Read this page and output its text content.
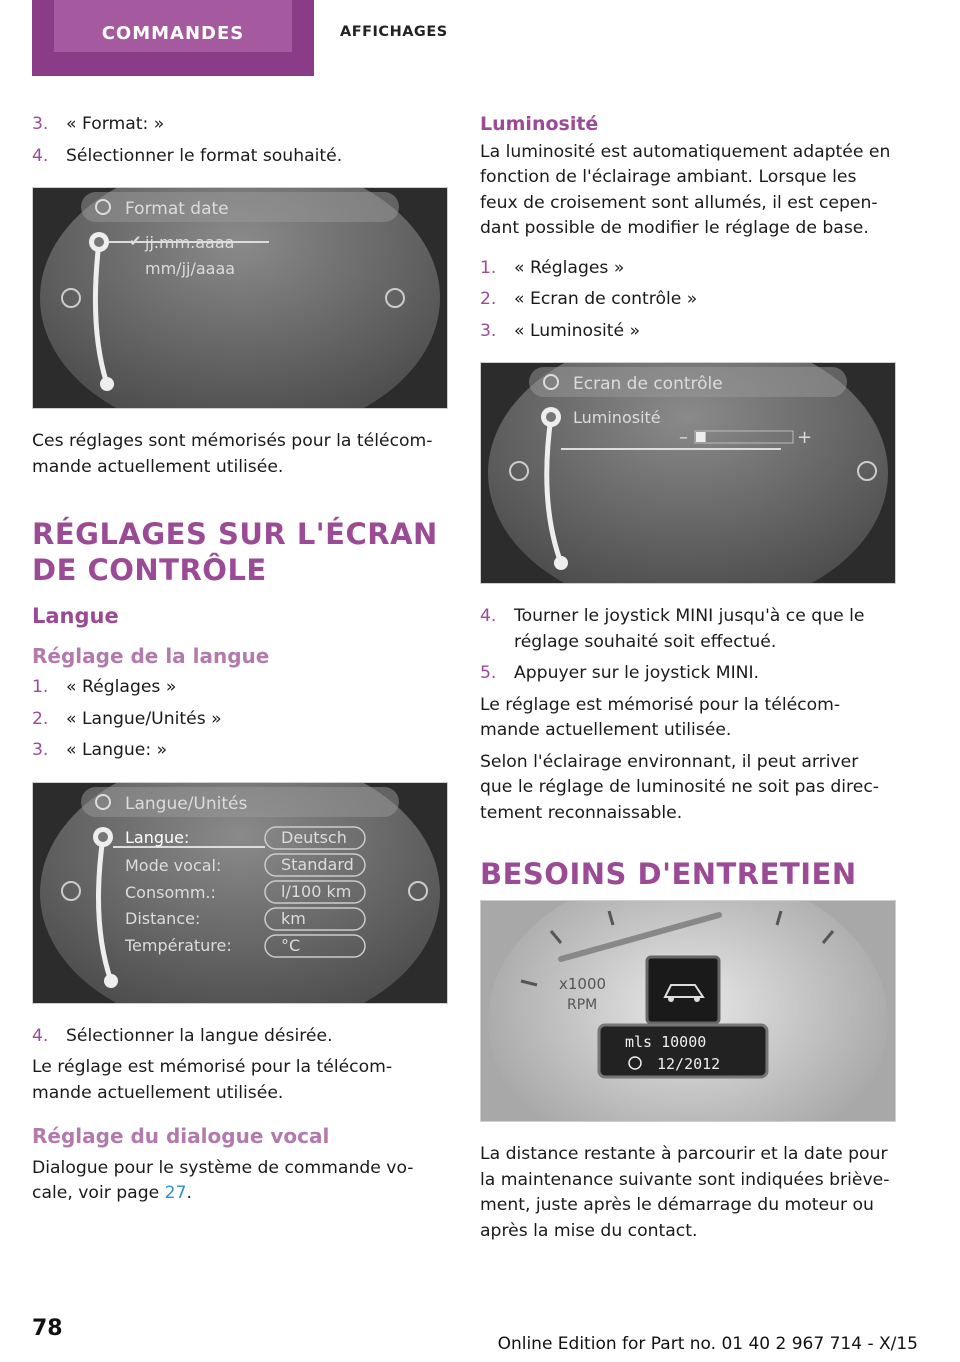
COMMANDES	AFFICHAGES
3. « Format: »
4. Sélectionner le format souhaité.
Format date
✔ jj.mm.aaaa
mm/jj/aaaa

Ces réglages sont mémorisés pour la télécom-mande actuellement utilisée.

RÉGLAGES SUR L'ÉCRAN DE CONTRÔLE
Langue
Réglage de la langue
1. « Réglages »
2. « Langue/Unités »
3. « Langue: »
Langue/Unités
Langue:
Mode vocal:
Consomm.:
Distance:
Température:
Deutsch
Standard
l/100 km
km
°C
4. Sélectionner la langue désirée.

Le réglage est mémorisé pour la télécom-mande actuellement utilisée.

Réglage du dialogue vocal

Dialogue pour le système de commande vo-cale, voir page 27.

Luminosité

La luminosité est automatiquement adaptée en fonction de l'éclairage ambiant. Lorsque les feux de croisement sont allumés, il est cepen-dant possible de modifier le réglage de base.

1. « Réglages »
2. « Ecran de contrôle »
3. « Luminosité »
Ecran de contrôle
Luminosité
–	+
4. Tourner le joystick MINI jusqu'à ce que le réglage souhaité soit effectué.
5. Appuyer sur le joystick MINI.

Le réglage est mémorisé pour la télécom-mande actuellement utilisée.

Selon l'éclairage environnant, il peut arriver que le réglage de luminosité ne soit pas direc-tement reconnaissable.

BESOINS D'ENTRETIEN
x1000
RPM
mls 10000
12/2012

La distance restante à parcourir et la date pour la maintenance suivante sont indiquées briève-ment, juste après le démarrage du moteur ou après la mise du contact.

78
Online Edition for Part no. 01 40 2 967 714 - X/15
